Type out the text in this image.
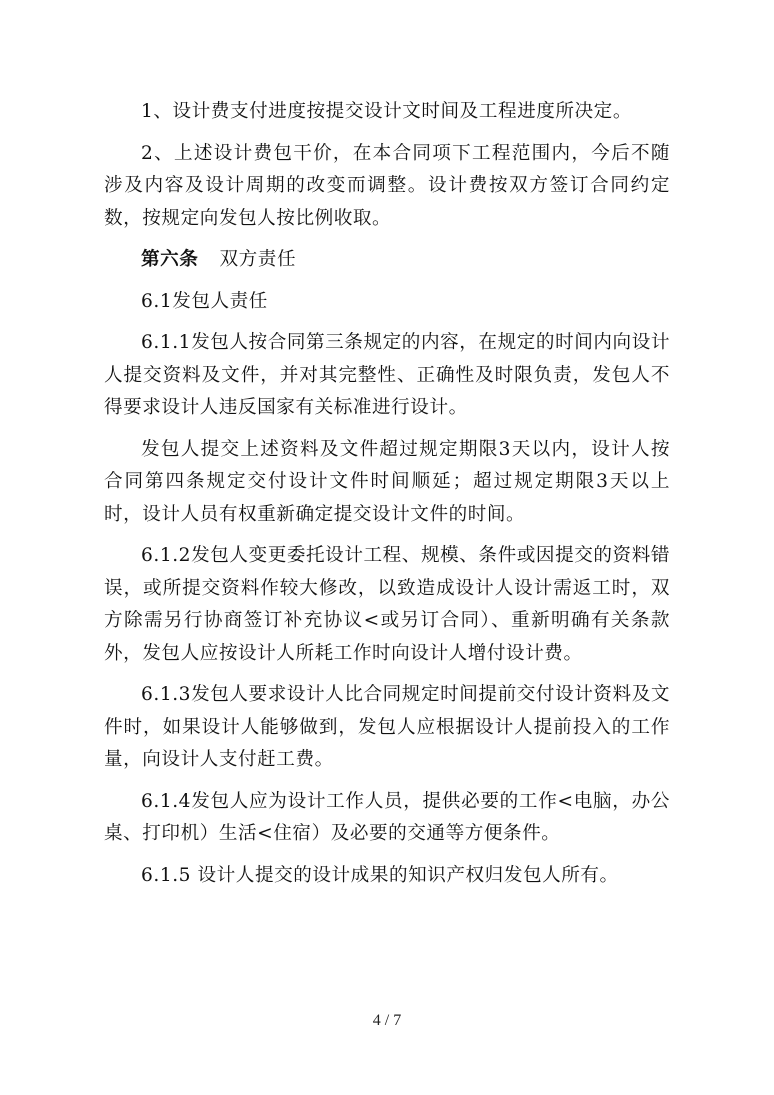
1、设计费支付进度按提交设计文时间及工程进度所决定。

2、上述设计费包干价，在本合同项下工程范围内，今后不随涉及内容及设计周期的改变而调整。设计费按双方签订合同约定数，按规定向发包人按比例收取。

第六条 双方责任

6.1发包人责任

6.1.1发包人按合同第三条规定的内容，在规定的时间内向设计人提交资料及文件，并对其完整性、正确性及时限负责，发包人不得要求设计人违反国家有关标准进行设计。

发包人提交上述资料及文件超过规定期限3天以内，设计人按合同第四条规定交付设计文件时间顺延；超过规定期限3天以上时，设计人员有权重新确定提交设计文件的时间。

6.1.2发包人变更委托设计工程、规模、条件或因提交的资料错误，或所提交资料作较大修改，以致造成设计人设计需返工时，双方除需另行协商签订补充协议<或另订合同）、重新明确有关条款外，发包人应按设计人所耗工作时向设计人增付设计费。

6.1.3发包人要求设计人比合同规定时间提前交付设计资料及文件时，如果设计人能够做到，发包人应根据设计人提前投入的工作量，向设计人支付赶工费。

6.1.4发包人应为设计工作人员，提供必要的工作<电脑，办公桌、打印机）生活<住宿）及必要的交通等方便条件。

6.1.5 设计人提交的设计成果的知识产权归发包人所有。

4 / 7
